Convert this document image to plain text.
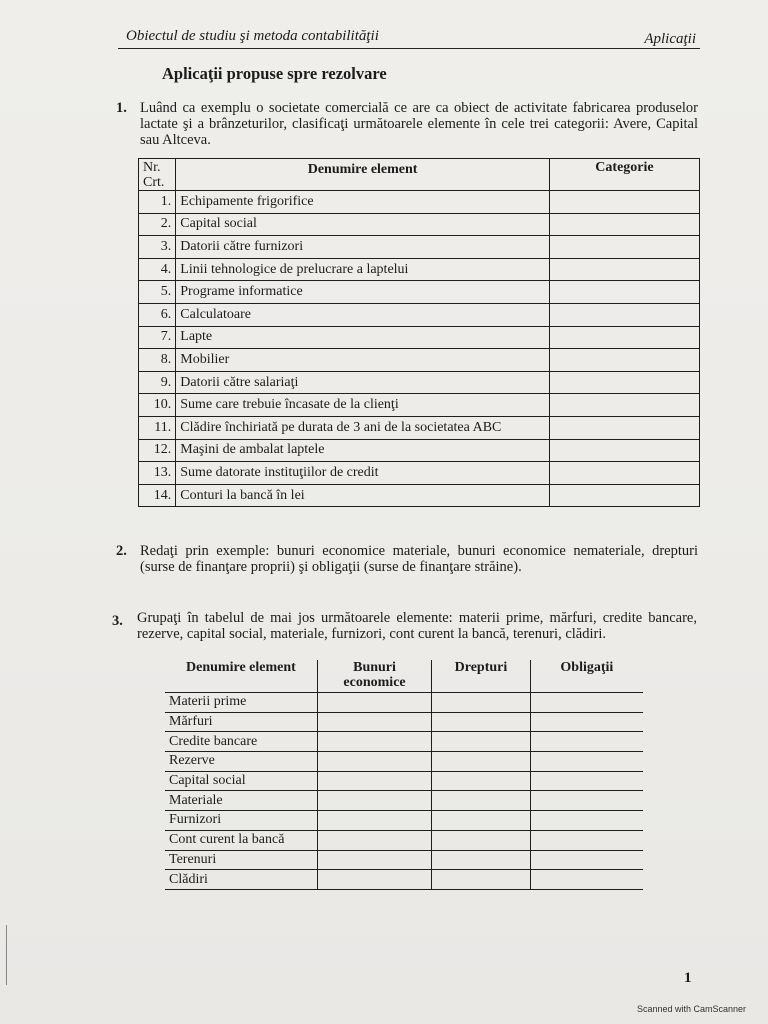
Obiectul de studiu şi metoda contabilităţii	Aplicaţii
Aplicaţii propuse spre rezolvare
1. Luând ca exemplu o societate comercială ce are ca obiect de activitate fabricarea produselor lactate şi a brânzeturilor, clasificaţi următoarele elemente în cele trei categorii: Avere, Capital sau Altceva.
Nr. Crt.	Denumire element	Categorie
1.	Echipamente frigorifice	
2.	Capital social	
3.	Datorii către furnizori	
4.	Linii tehnologice de prelucrare a laptelui	
5.	Programe informatice	
6.	Calculatoare	
7.	Lapte	
8.	Mobilier	
9.	Datorii către salariaţi	
10.	Sume care trebuie încasate de la clienţi	
11.	Clădire închiriată pe durata de 3 ani de la societatea ABC	
12.	Maşini de ambalat laptele	
13.	Sume datorate instituţiilor de credit	
14.	Conturi la bancă în lei	
2. Redaţi prin exemple: bunuri economice materiale, bunuri economice nemateriale, drepturi (surse de finanţare proprii) şi obligaţii (surse de finanţare străine).
3. Grupaţi în tabelul de mai jos următoarele elemente: materii prime, mărfuri, credite bancare, rezerve, capital social, materiale, furnizori, cont curent la bancă, terenuri, clădiri.
Denumire element	Bunuri economice	Drepturi	Obligaţii
Materii prime			
Mărfuri			
Credite bancare			
Rezerve			
Capital social			
Materiale			
Furnizori			
Cont curent la bancă			
Terenuri			
Clădiri			
1
Scanned with CamScanner
